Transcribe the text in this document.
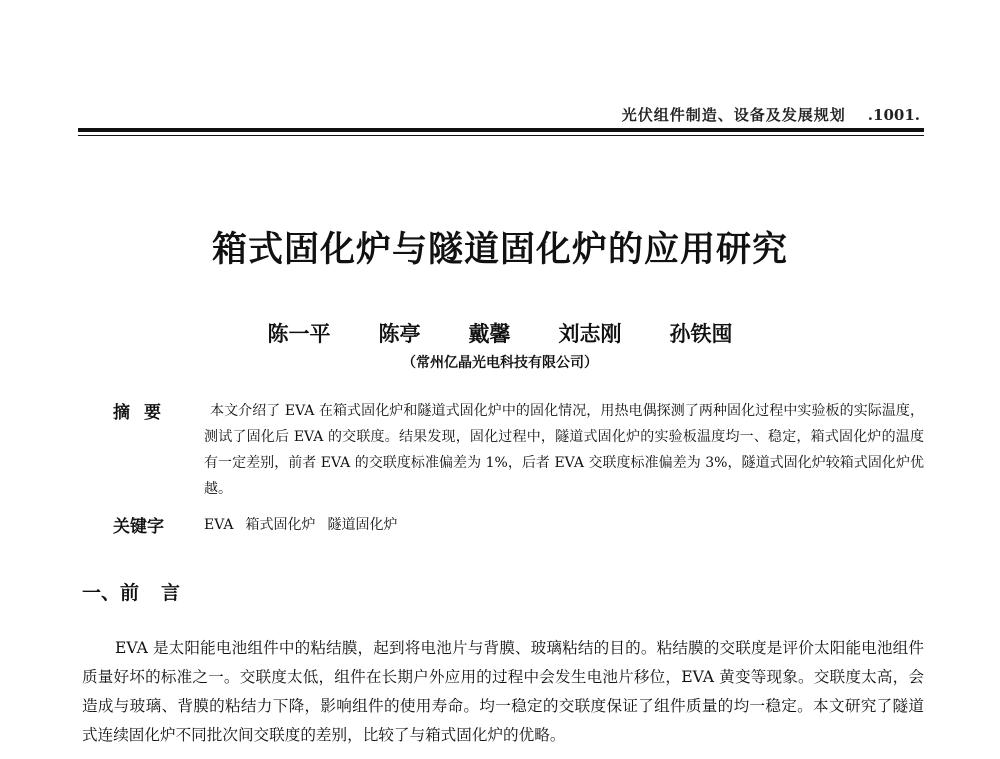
光伏组件制造、设备及发展规划 .1001.
箱式固化炉与隧道固化炉的应用研究
陈一平 陈亭 戴馨 刘志刚 孙铁囤
（常州亿晶光电科技有限公司）
摘要	本文介绍了 EVA 在箱式固化炉和隧道式固化炉中的固化情况，用热电偶探测了两种固化过程中实验板的实际温度，测试了固化后 EVA 的交联度。结果发现，固化过程中，隧道式固化炉的实验板温度均一、稳定，箱式固化炉的温度有一定差别，前者 EVA 的交联度标准偏差为 1%，后者 EVA 交联度标准偏差为 3%，隧道式固化炉较箱式固化炉优越。
关键字	EVA 箱式固化炉 隧道固化炉
一、前言
EVA 是太阳能电池组件中的粘结膜，起到将电池片与背膜、玻璃粘结的目的。粘结膜的交联度是评价太阳能电池组件质量好坏的标准之一。交联度太低，组件在长期户外应用的过程中会发生电池片移位，EVA 黄变等现象。交联度太高，会造成与玻璃、背膜的粘结力下降，影响组件的使用寿命。均一稳定的交联度保证了组件质量的均一稳定。本文研究了隧道式连续固化炉不同批次间交联度的差别，比较了与箱式固化炉的优略。
